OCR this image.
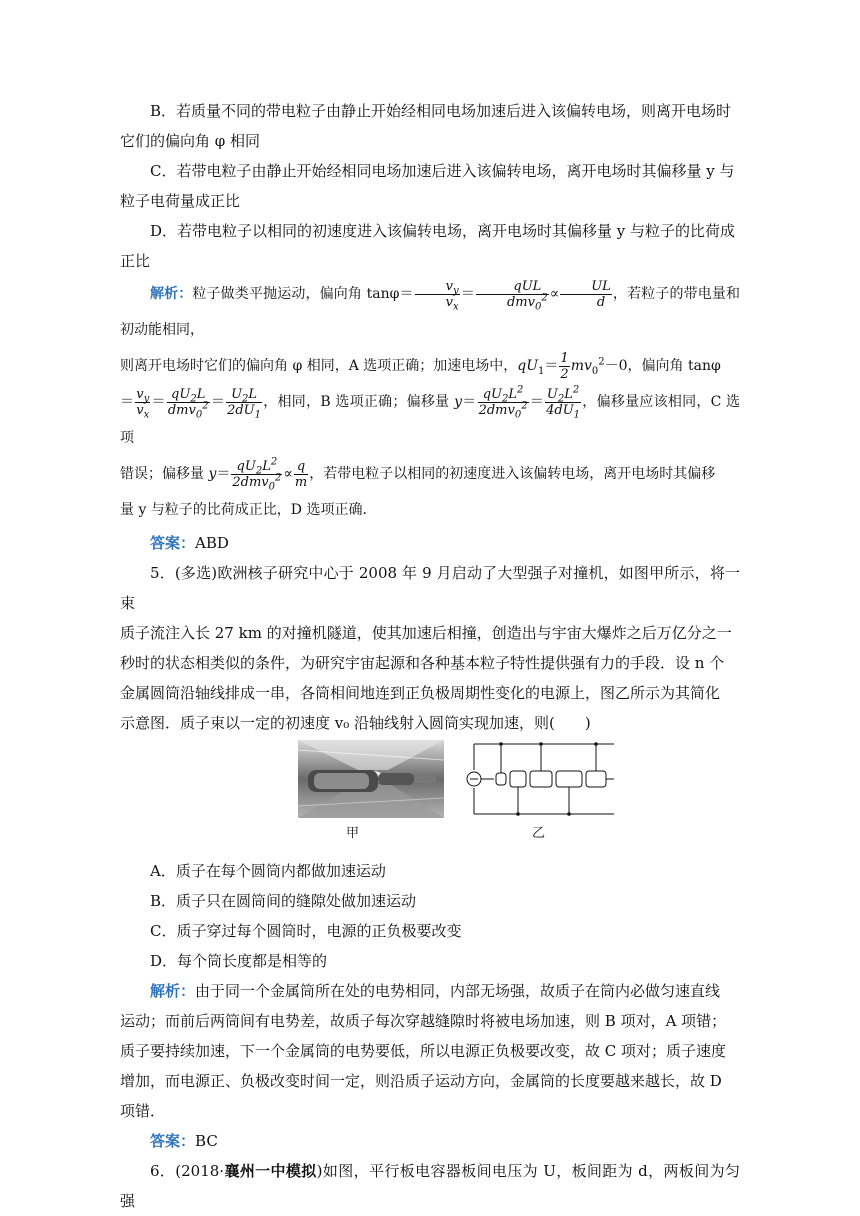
B．若质量不同的带电粒子由静止开始经相同电场加速后进入该偏转电场，则离开电场时

它们的偏向角 φ 相同

C．若带电粒子由静止开始经相同电场加速后进入该偏转电场，离开电场时其偏移量 y 与

粒子电荷量成正比

D．若带电粒子以相同的初速度进入该偏转电场，离开电场时其偏移量 y 与粒子的比荷成

正比

解析：粒子做类平抛运动，偏向角 $\tan\varphi= \frac{v_y}{v_x} = \frac{\text{qUL}}{dmv_0^2} \propto \frac{UL}{d}$ ，若粒子的带电量和初动能相同，

则离开电场时它们的偏向角 φ 相同，A 选项正确；加速电场中，$qU_1= \frac{1}{2} mv_0^2-0$，偏向角 tanφ

＝ $\frac{v_y}{v_x} = \frac{qU_2L}{dmv_0^2} = \frac{U_2L}{2dU_1}$ ，相同，B 选项正确；偏移量 $y= \frac{qU_2L^2}{2dmv_0^2} = \frac{U_2L^2}{4dU_1}$ ，偏移量应该相同，C 选项

错误；偏移量 $y= \frac{qU_2L^2}{2dmv_0^2} \propto \frac{q}{m}$ ，若带电粒子以相同的初速度进入该偏转电场，离开电场时其偏移

量 y 与粒子的比荷成正比，D 选项正确．

答案：ABD

5．(多选)欧洲核子研究中心于 2008 年 9 月启动了大型强子对撞机，如图甲所示，将一束

质子流注入长 27 km 的对撞机隧道，使其加速后相撞，创造出与宇宙大爆炸之后万亿分之一

秒时的状态相类似的条件，为研究宇宙起源和各种基本粒子特性提供强有力的手段．设 n 个

金属圆筒沿轴线排成一串，各筒相间地连到正负极周期性变化的电源上，图乙所示为其简化

示意图．质子束以一定的初速度 v₀ 沿轴线射入圆筒实现加速，则(　　)

甲	乙

A．质子在每个圆筒内都做加速运动

B．质子只在圆筒间的缝隙处做加速运动

C．质子穿过每个圆筒时，电源的正负极要改变

D．每个筒长度都是相等的

解析：由于同一个金属筒所在处的电势相同，内部无场强，故质子在筒内必做匀速直线

运动；而前后两筒间有电势差，故质子每次穿越缝隙时将被电场加速，则 B 项对，A 项错；

质子要持续加速，下一个金属筒的电势要低，所以电源正负极要改变，故 C 项对；质子速度

增加，而电源正、负极改变时间一定，则沿质子运动方向，金属筒的长度要越来越长，故 D

项错．

答案：BC

6．(2018·襄州一中模拟)如图，平行板电容器板间电压为 U，板间距为 d，两板间为匀强
